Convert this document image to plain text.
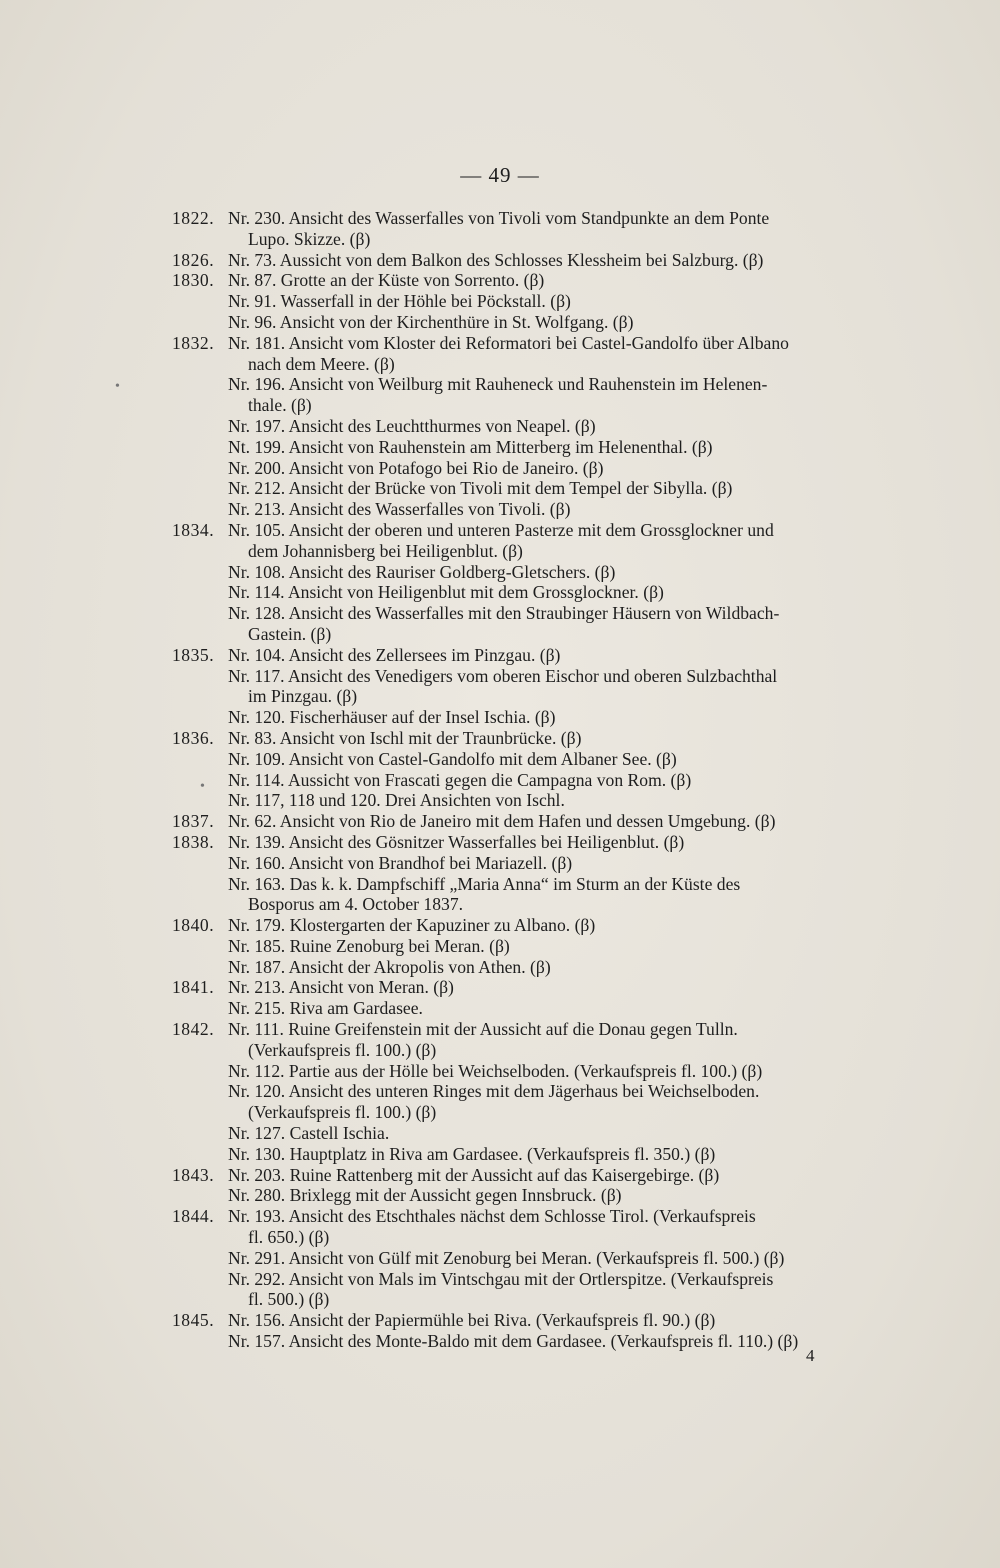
— 49 —
•
•
1822. Nr. 230. Ansicht des Wasserfalles von Tivoli vom Standpunkte an dem Ponte
Lupo. Skizze. (β)
1826. Nr. 73. Aussicht von dem Balkon des Schlosses Klessheim bei Salzburg. (β)
1830. Nr. 87. Grotte an der Küste von Sorrento. (β)
Nr. 91. Wasserfall in der Höhle bei Pöckstall. (β)
Nr. 96. Ansicht von der Kirchenthüre in St. Wolfgang. (β)
1832. Nr. 181. Ansicht vom Kloster dei Reformatori bei Castel-Gandolfo über Albano
nach dem Meere. (β)
Nr. 196. Ansicht von Weilburg mit Rauheneck und Rauhenstein im Helenen-
thale. (β)
Nr. 197. Ansicht des Leuchtthurmes von Neapel. (β)
Nt. 199. Ansicht von Rauhenstein am Mitterberg im Helenenthal. (β)
Nr. 200. Ansicht von Potafogo bei Rio de Janeiro. (β)
Nr. 212. Ansicht der Brücke von Tivoli mit dem Tempel der Sibylla. (β)
Nr. 213. Ansicht des Wasserfalles von Tivoli. (β)
1834. Nr. 105. Ansicht der oberen und unteren Pasterze mit dem Grossglockner und
dem Johannisberg bei Heiligenblut. (β)
Nr. 108. Ansicht des Rauriser Goldberg-Gletschers. (β)
Nr. 114. Ansicht von Heiligenblut mit dem Grossglockner. (β)
Nr. 128. Ansicht des Wasserfalles mit den Straubinger Häusern von Wildbach-
Gastein. (β)
1835. Nr. 104. Ansicht des Zellersees im Pinzgau. (β)
Nr. 117. Ansicht des Venedigers vom oberen Eischor und oberen Sulzbachthal
im Pinzgau. (β)
Nr. 120. Fischerhäuser auf der Insel Ischia. (β)
1836. Nr. 83. Ansicht von Ischl mit der Traunbrücke. (β)
Nr. 109. Ansicht von Castel-Gandolfo mit dem Albaner See. (β)
Nr. 114. Aussicht von Frascati gegen die Campagna von Rom. (β)
Nr. 117, 118 und 120. Drei Ansichten von Ischl.
1837. Nr. 62. Ansicht von Rio de Janeiro mit dem Hafen und dessen Umgebung. (β)
1838. Nr. 139. Ansicht des Gösnitzer Wasserfalles bei Heiligenblut. (β)
Nr. 160. Ansicht von Brandhof bei Mariazell. (β)
Nr. 163. Das k. k. Dampfschiff „Maria Anna“ im Sturm an der Küste des
Bosporus am 4. October 1837.
1840. Nr. 179. Klostergarten der Kapuziner zu Albano. (β)
Nr. 185. Ruine Zenoburg bei Meran. (β)
Nr. 187. Ansicht der Akropolis von Athen. (β)
1841. Nr. 213. Ansicht von Meran. (β)
Nr. 215. Riva am Gardasee.
1842. Nr. 111. Ruine Greifenstein mit der Aussicht auf die Donau gegen Tulln.
(Verkaufspreis fl. 100.) (β)
Nr. 112. Partie aus der Hölle bei Weichselboden. (Verkaufspreis fl. 100.) (β)
Nr. 120. Ansicht des unteren Ringes mit dem Jägerhaus bei Weichselboden.
(Verkaufspreis fl. 100.) (β)
Nr. 127. Castell Ischia.
Nr. 130. Hauptplatz in Riva am Gardasee. (Verkaufspreis fl. 350.) (β)
1843. Nr. 203. Ruine Rattenberg mit der Aussicht auf das Kaisergebirge. (β)
Nr. 280. Brixlegg mit der Aussicht gegen Innsbruck. (β)
1844. Nr. 193. Ansicht des Etschthales nächst dem Schlosse Tirol. (Verkaufspreis
fl. 650.) (β)
Nr. 291. Ansicht von Gülf mit Zenoburg bei Meran. (Verkaufspreis fl. 500.) (β)
Nr. 292. Ansicht von Mals im Vintschgau mit der Ortlerspitze. (Verkaufspreis
fl. 500.) (β)
1845. Nr. 156. Ansicht der Papiermühle bei Riva. (Verkaufspreis fl. 90.) (β)
Nr. 157. Ansicht des Monte-Baldo mit dem Gardasee. (Verkaufspreis fl. 110.) (β)
4
